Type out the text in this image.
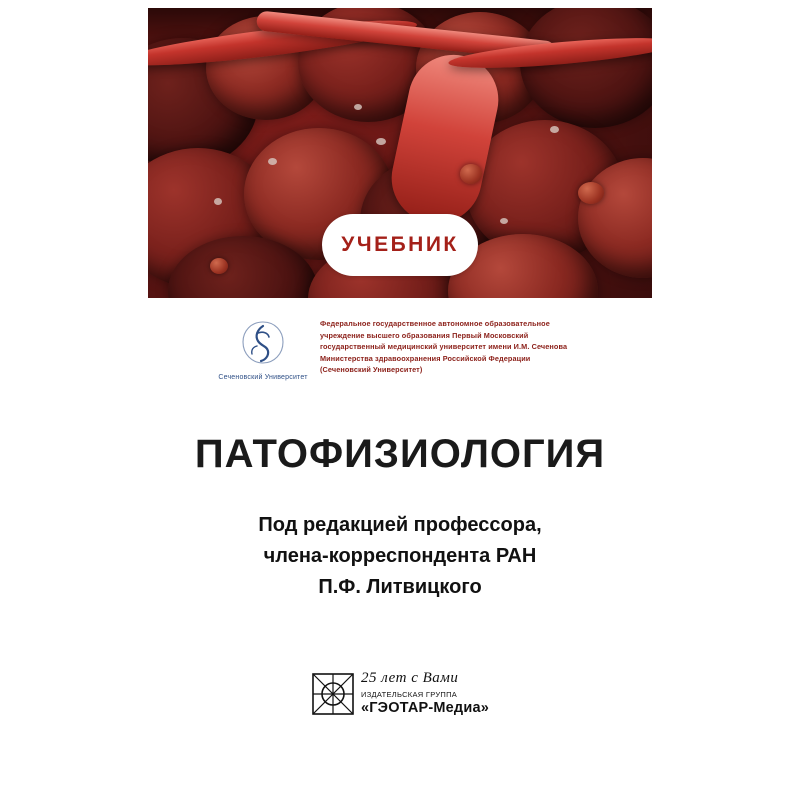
УЧЕБНИК
Сеченовский Университет
Федеральное государственное автономное образовательное
учреждение высшего образования Первый Московский
государственный медицинский университет имени И.М. Сеченова
Министерства здравоохранения Российской Федерации
(Сеченовский Университет)
ПАТОФИЗИОЛОГИЯ
Под редакцией профессора,
члена-корреспондента РАН
П.Ф. Литвицкого
25 лет с Вами
ИЗДАТЕЛЬСКАЯ ГРУППА
«ГЭОТАР-Медиа»
